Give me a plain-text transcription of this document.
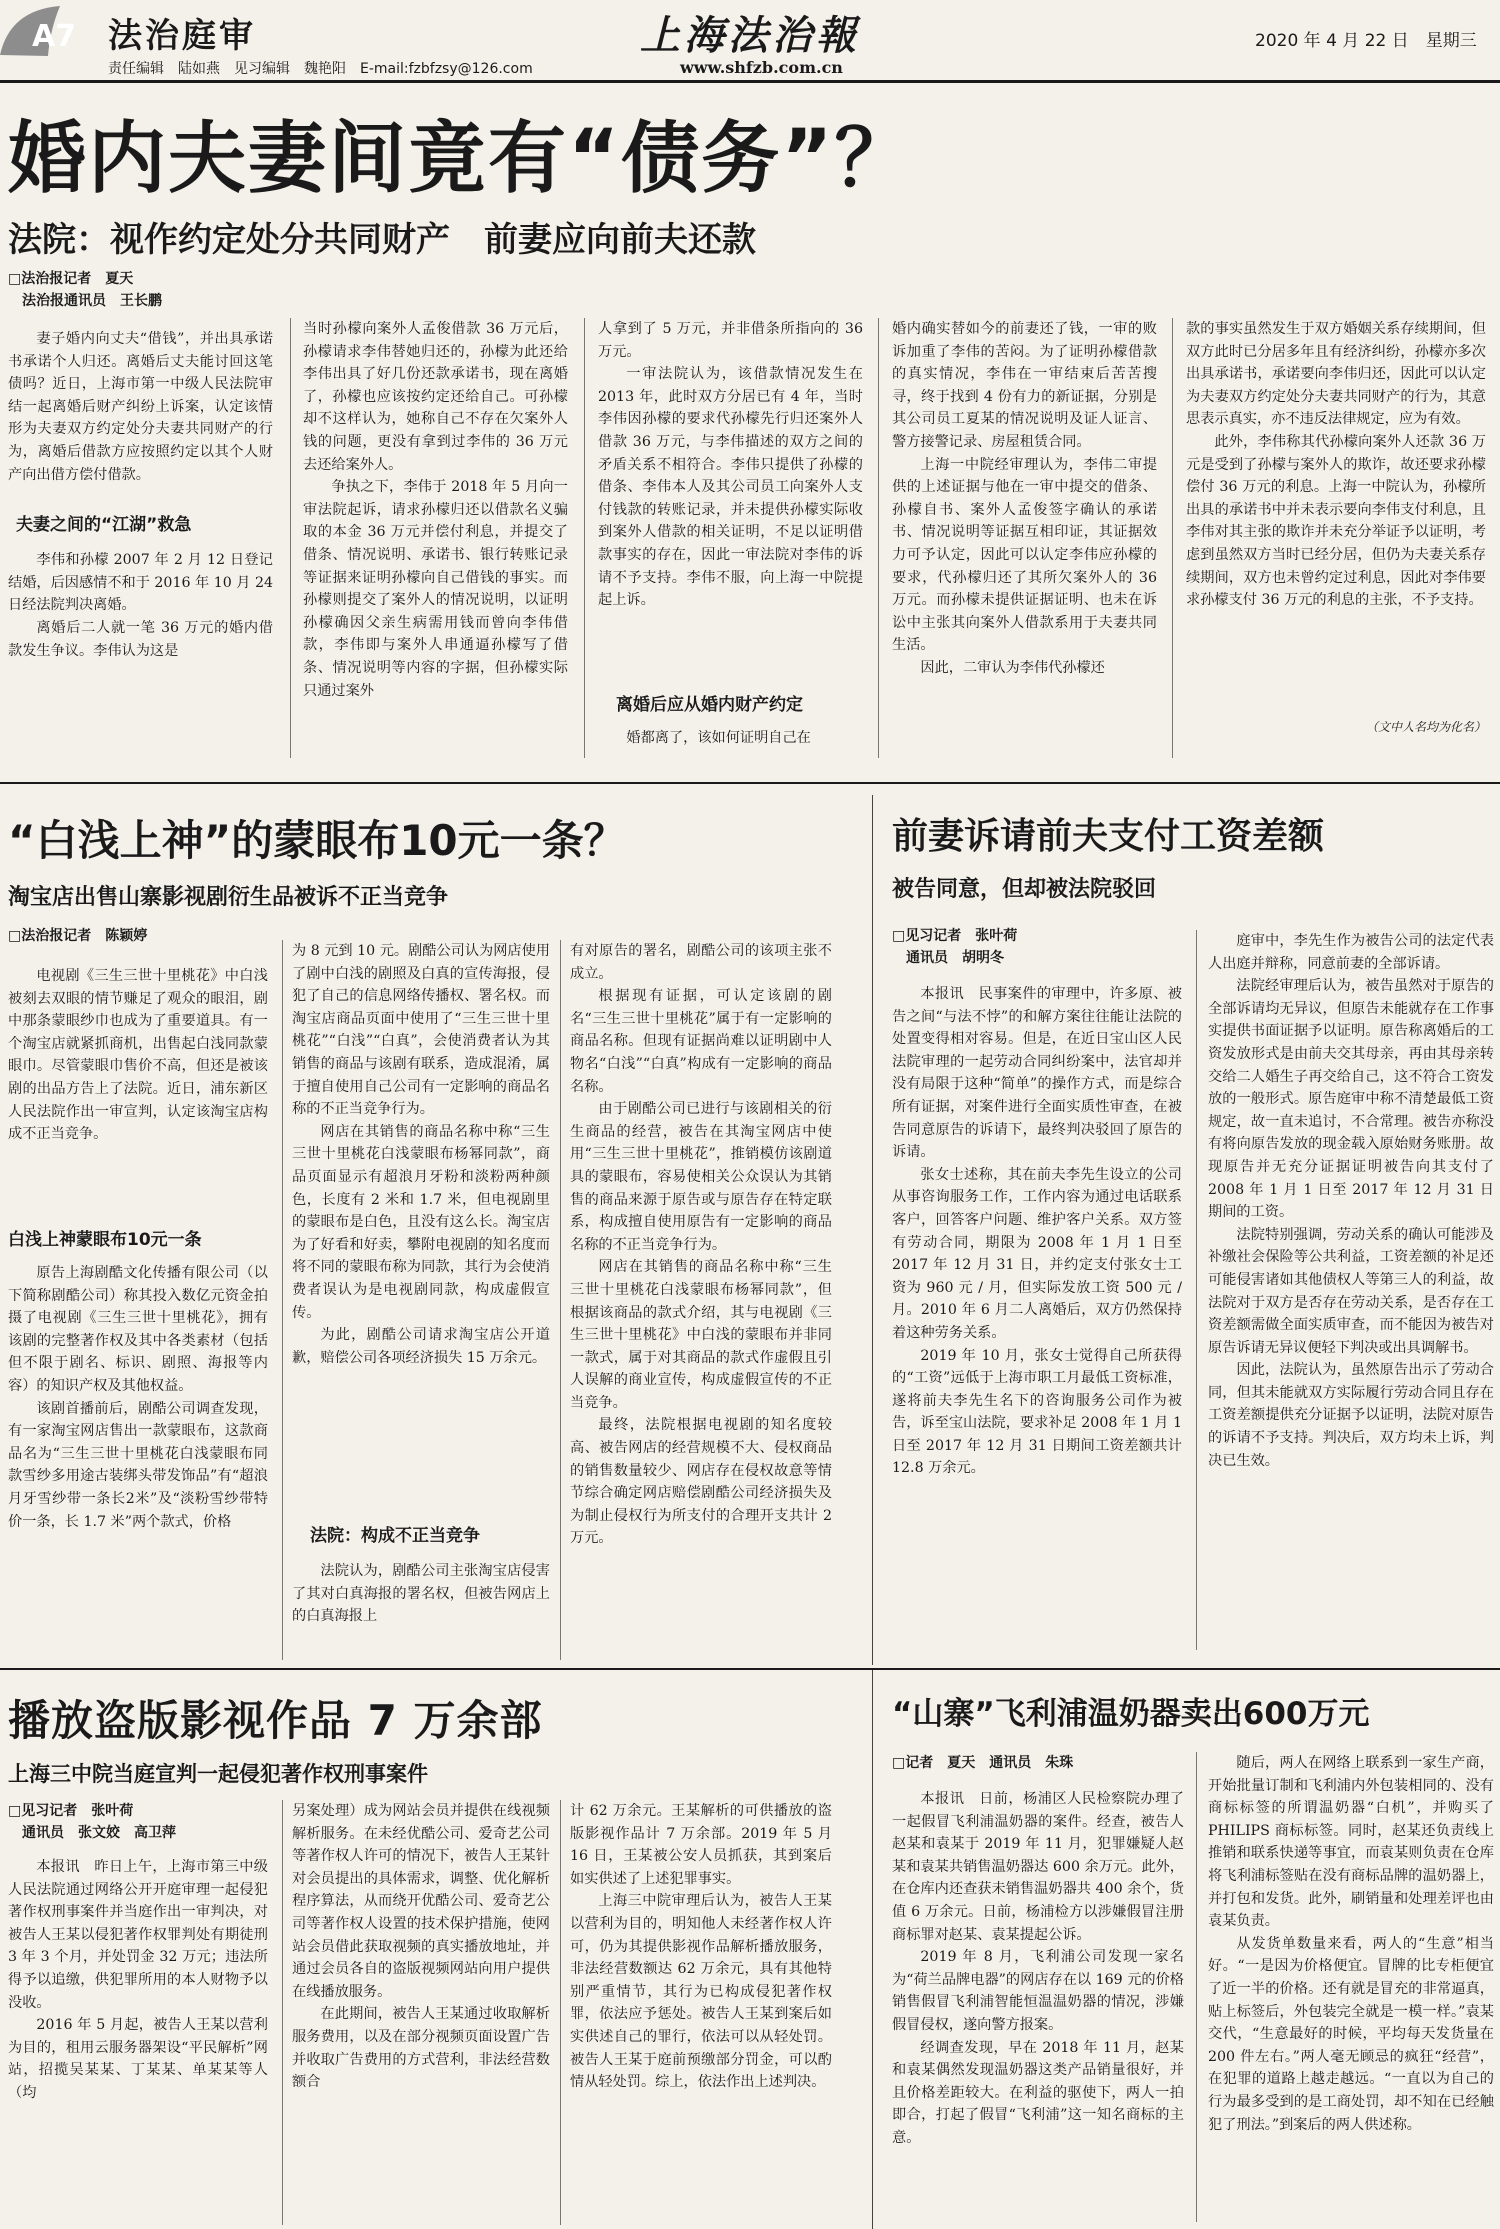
A7 法治庭审
责任编辑　陆如燕　见习编辑　魏艳阳　E-mail:fzbfzsy@126.com
上海法治報
www.shfzb.com.cn
2020 年 4 月 22 日　星期三
婚内夫妻间竟有“债务”？
法院：视作约定处分共同财产　前妻应向前夫还款
□法治报记者　夏天
　法治报通讯员　王长鹏

妻子婚内向丈夫“借钱”，并出具承诺书承诺个人归还。离婚后丈夫能讨回这笔债吗？近日，上海市第一中级人民法院审结一起离婚后财产纠纷上诉案，认定该情形为夫妻双方约定处分夫妻共同财产的行为，离婚后借款方应按照约定以其个人财产向出借方偿付借款。

夫妻之间的“江湖”救急

李伟和孙檬 2007 年 2 月 12 日登记结婚，后因感情不和于 2016 年 10 月 24 日经法院判决离婚。

离婚后二人就一笔 36 万元的婚内借款发生争议。李伟认为这是

当时孙檬向案外人孟俊借款 36 万元后，孙檬请求李伟替她归还的，孙檬为此还给李伟出具了好几份还款承诺书，现在离婚了，孙檬也应该按约定还给自己。可孙檬却不这样认为，她称自己不存在欠案外人钱的问题，更没有拿到过李伟的 36 万元去还给案外人。

争执之下，李伟于 2018 年 5 月向一审法院起诉，请求孙檬归还以借款名义骗取的本金 36 万元并偿付利息，并提交了借条、情况说明、承诺书、银行转账记录等证据来证明孙檬向自己借钱的事实。而孙檬则提交了案外人的情况说明，以证明孙檬确因父亲生病需用钱而曾向李伟借款，李伟即与案外人串通逼孙檬写了借条、情况说明等内容的字据，但孙檬实际只通过案外

人拿到了 5 万元，并非借条所指向的 36 万元。

一审法院认为，该借款情况发生在 2013 年，此时双方分居已有 4 年，当时李伟因孙檬的要求代孙檬先行归还案外人借款 36 万元，与李伟描述的双方之间的矛盾关系不相符合。李伟只提供了孙檬的借条、李伟本人及其公司员工向案外人支付钱款的转账记录，并未提供孙檬实际收到案外人借款的相关证明，不足以证明借款事实的存在，因此一审法院对李伟的诉请不予支持。李伟不服，向上海一中院提起上诉。

离婚后应从婚内财产约定

婚都离了，该如何证明自己在

婚内确实替如今的前妻还了钱，一审的败诉加重了李伟的苦闷。为了证明孙檬借款的真实情况，李伟在一审结束后苦苦搜寻，终于找到 4 份有力的新证据，分别是其公司员工夏某的情况说明及证人证言、警方接警记录、房屋租赁合同。

上海一中院经审理认为，李伟二审提供的上述证据与他在一审中提交的借条、孙檬自书、案外人孟俊签字确认的承诺书、情况说明等证据互相印证，其证据效力可予认定，因此可以认定李伟应孙檬的要求，代孙檬归还了其所欠案外人的 36 万元。而孙檬未提供证据证明、也未在诉讼中主张其向案外人借款系用于夫妻共同生活。

因此，二审认为李伟代孙檬还

款的事实虽然发生于双方婚姻关系存续期间，但双方此时已分居多年且有经济纠纷，孙檬亦多次出具承诺书，承诺要向李伟归还，因此可以认定为夫妻双方约定处分夫妻共同财产的行为，其意思表示真实，亦不违反法律规定，应为有效。

此外，李伟称其代孙檬向案外人还款 36 万元是受到了孙檬与案外人的欺诈，故还要求孙檬偿付 36 万元的利息。上海一中院认为，孙檬所出具的承诺书中并未表示要向李伟支付利息，且李伟对其主张的欺诈并未充分举证予以证明，考虑到虽然双方当时已经分居，但仍为夫妻关系存续期间，双方也未曾约定过利息，因此对李伟要求孙檬支付 36 万元的利息的主张，不予支持。

（文中人名均为化名）
“白浅上神”的蒙眼布10元一条？
淘宝店出售山寨影视剧衍生品被诉不正当竞争
□法治报记者　陈颖婷

电视剧《三生三世十里桃花》中白浅被刻去双眼的情节赚足了观众的眼泪，剧中那条蒙眼纱巾也成为了重要道具。有一个淘宝店就紧抓商机，出售起白浅同款蒙眼巾。尽管蒙眼巾售价不高，但还是被该剧的出品方告上了法院。近日，浦东新区人民法院作出一审宣判，认定该淘宝店构成不正当竞争。

白浅上神蒙眼布10元一条

原告上海剧酷文化传播有限公司（以下简称剧酷公司）称其投入数亿元资金拍摄了电视剧《三生三世十里桃花》，拥有该剧的完整著作权及其中各类素材（包括但不限于剧名、标识、剧照、海报等内容）的知识产权及其他权益。

该剧首播前后，剧酷公司调查发现，有一家淘宝网店售出一款蒙眼布，这款商品名为“三生三世十里桃花白浅蒙眼布同款雪纱多用途古装绑头带发饰品”有“超浪月牙雪纱带一条长2米”及“淡粉雪纱带特价一条，长 1.7 米”两个款式，价格

为 8 元到 10 元。剧酷公司认为网店使用了剧中白浅的剧照及白真的宣传海报，侵犯了自己的信息网络传播权、署名权。而淘宝店商品页面中使用了“三生三世十里桃花”“白浅”“白真”，会使消费者认为其销售的商品与该剧有联系，造成混淆，属于擅自使用自己公司有一定影响的商品名称的不正当竞争行为。

网店在其销售的商品名称中称“三生三世十里桃花白浅蒙眼布杨幂同款”，商品页面显示有超浪月牙粉和淡粉两种颜色，长度有 2 米和 1.7 米，但电视剧里的蒙眼布是白色，且没有这么长。淘宝店为了好看和好卖，攀附电视剧的知名度而将不同的蒙眼布称为同款，其行为会使消费者误认为是电视剧同款，构成虚假宣传。

为此，剧酷公司请求淘宝店公开道歉，赔偿公司各项经济损失 15 万余元。

法院：构成不正当竞争

法院认为，剧酷公司主张淘宝店侵害了其对白真海报的署名权，但被告网店上的白真海报上

有对原告的署名，剧酷公司的该项主张不成立。

根据现有证据，可认定该剧的剧名“三生三世十里桃花”属于有一定影响的商品名称。但现有证据尚难以证明剧中人物名“白浅”“白真”构成有一定影响的商品名称。

由于剧酷公司已进行与该剧相关的衍生商品的经营，被告在其淘宝网店中使用“三生三世十里桃花”，推销模仿该剧道具的蒙眼布，容易使相关公众误认为其销售的商品来源于原告或与原告存在特定联系，构成擅自使用原告有一定影响的商品名称的不正当竞争行为。

网店在其销售的商品名称中称“三生三世十里桃花白浅蒙眼布杨幂同款”，但根据该商品的款式介绍，其与电视剧《三生三世十里桃花》中白浅的蒙眼布并非同一款式，属于对其商品的款式作虚假且引人误解的商业宣传，构成虚假宣传的不正当竞争。

最终，法院根据电视剧的知名度较高、被告网店的经营规模不大、侵权商品的销售数量较少、网店存在侵权故意等情节综合确定网店赔偿剧酷公司经济损失及为制止侵权行为所支付的合理开支共计 2 万元。

前妻诉请前夫支付工资差额
被告同意，但却被法院驳回
□见习记者　张叶荷
　通讯员　胡明冬

本报讯　民事案件的审理中，许多原、被告之间“与法不悖”的和解方案往往能让法院的处置变得相对容易。但是，在近日宝山区人民法院审理的一起劳动合同纠纷案中，法官却并没有局限于这种“简单”的操作方式，而是综合所有证据，对案件进行全面实质性审查，在被告同意原告的诉请下，最终判决驳回了原告的诉请。

张女士述称，其在前夫李先生设立的公司从事咨询服务工作，工作内容为通过电话联系客户，回答客户问题、维护客户关系。双方签有劳动合同，期限为 2008 年 1 月 1 日至 2017 年 12 月 31 日，并约定支付张女士工资为 960 元 / 月，但实际发放工资 500 元 / 月。2010 年 6 月二人离婚后，双方仍然保持着这种劳务关系。

2019 年 10 月，张女士觉得自己所获得的“工资”远低于上海市职工月最低工资标准，遂将前夫李先生名下的咨询服务公司作为被告，诉至宝山法院，要求补足 2008 年 1 月 1 日至 2017 年 12 月 31 日期间工资差额共计 12.8 万余元。

庭审中，李先生作为被告公司的法定代表人出庭并辩称，同意前妻的全部诉请。

法院经审理后认为，被告虽然对于原告的全部诉请均无异议，但原告未能就存在工作事实提供书面证据予以证明。原告称离婚后的工资发放形式是由前夫交其母亲，再由其母亲转交给二人婚生子再交给自己，这不符合工资发放的一般形式。原告庭审中称不清楚最低工资规定，故一直未追讨，不合常理。被告亦称没有将向原告发放的现金载入原始财务账册。故现原告并无充分证据证明被告向其支付了 2008 年 1 月 1 日至 2017 年 12 月 31 日期间的工资。

法院特别强调，劳动关系的确认可能涉及补缴社会保险等公共利益，工资差额的补足还可能侵害诸如其他债权人等第三人的利益，故法院对于双方是否存在劳动关系，是否存在工资差额需做全面实质审查，而不能因为被告对原告诉请无异议便轻下判决或出具调解书。

因此，法院认为，虽然原告出示了劳动合同，但其未能就双方实际履行劳动合同且存在工资差额提供充分证据予以证明，法院对原告的诉请不予支持。判决后，双方均未上诉，判决已生效。

播放盗版影视作品 7 万余部
上海三中院当庭宣判一起侵犯著作权刑事案件
□见习记者　张叶荷
　通讯员　张文姣　高卫萍

本报讯　昨日上午，上海市第三中级人民法院通过网络公开开庭审理一起侵犯著作权刑事案件并当庭作出一审判决，对被告人王某以侵犯著作权罪判处有期徒刑 3 年 3 个月，并处罚金 32 万元；违法所得予以追缴，供犯罪所用的本人财物予以没收。

2016 年 5 月起，被告人王某以营利为目的，租用云服务器架设“平民解析”网站，招揽吴某某、丁某某、单某某等人（均

另案处理）成为网站会员并提供在线视频解析服务。在未经优酷公司、爱奇艺公司等著作权人许可的情况下，被告人王某针对会员提出的具体需求，调整、优化解析程序算法，从而绕开优酷公司、爱奇艺公司等著作权人设置的技术保护措施，使网站会员借此获取视频的真实播放地址，并通过会员各自的盗版视频网站向用户提供在线播放服务。

在此期间，被告人王某通过收取解析服务费用，以及在部分视频页面设置广告并收取广告费用的方式营利，非法经营数额合

计 62 万余元。王某解析的可供播放的盗版影视作品计 7 万余部。2019 年 5 月 16 日，王某被公安人员抓获，其到案后如实供述了上述犯罪事实。

上海三中院审理后认为，被告人王某以营利为目的，明知他人未经著作权人许可，仍为其提供影视作品解析播放服务，非法经营数额达 62 万余元，具有其他特别严重情节，其行为已构成侵犯著作权罪，依法应予惩处。被告人王某到案后如实供述自己的罪行，依法可以从轻处罚。被告人王某于庭前预缴部分罚金，可以酌情从轻处罚。综上，依法作出上述判决。

“山寨”飞利浦温奶器卖出600万元
□记者　夏天　通讯员　朱珠

本报讯　日前，杨浦区人民检察院办理了一起假冒飞利浦温奶器的案件。经查，被告人赵某和袁某于 2019 年 11 月，犯罪嫌疑人赵某和袁某共销售温奶器达 600 余万元。此外，在仓库内还查获未销售温奶器共 400 余个，货值 6 万余元。日前，杨浦检方以涉嫌假冒注册商标罪对赵某、袁某提起公诉。

2019 年 8 月，飞利浦公司发现一家名为“荷兰品牌电器”的网店存在以 169 元的价格销售假冒飞利浦智能恒温温奶器的情况，涉嫌假冒侵权，遂向警方报案。

经调查发现，早在 2018 年 11 月，赵某和袁某偶然发现温奶器这类产品销量很好，并且价格差距较大。在利益的驱使下，两人一拍即合，打起了假冒“飞利浦”这一知名商标的主意。

随后，两人在网络上联系到一家生产商，开始批量订制和飞利浦内外包装相同的、没有商标标签的所谓温奶器“白机”，并购买了 PHILIPS 商标标签。同时，赵某还负责线上推销和联系快递等事宜，而袁某则负责在仓库将飞利浦标签贴在没有商标品牌的温奶器上，并打包和发货。此外，刷销量和处理差评也由袁某负责。

从发货单数量来看，两人的“生意”相当好。“一是因为价格便宜。冒牌的比专柜便宜了近一半的价格。还有就是冒充的非常逼真，贴上标签后，外包装完全就是一模一样。”袁某交代，“生意最好的时候，平均每天发货量在 200 件左右。”两人毫无顾忌的疯狂“经营”，在犯罪的道路上越走越远。“一直以为自己的行为最多受到的是工商处罚，却不知在已经触犯了刑法。”到案后的两人供述称。
